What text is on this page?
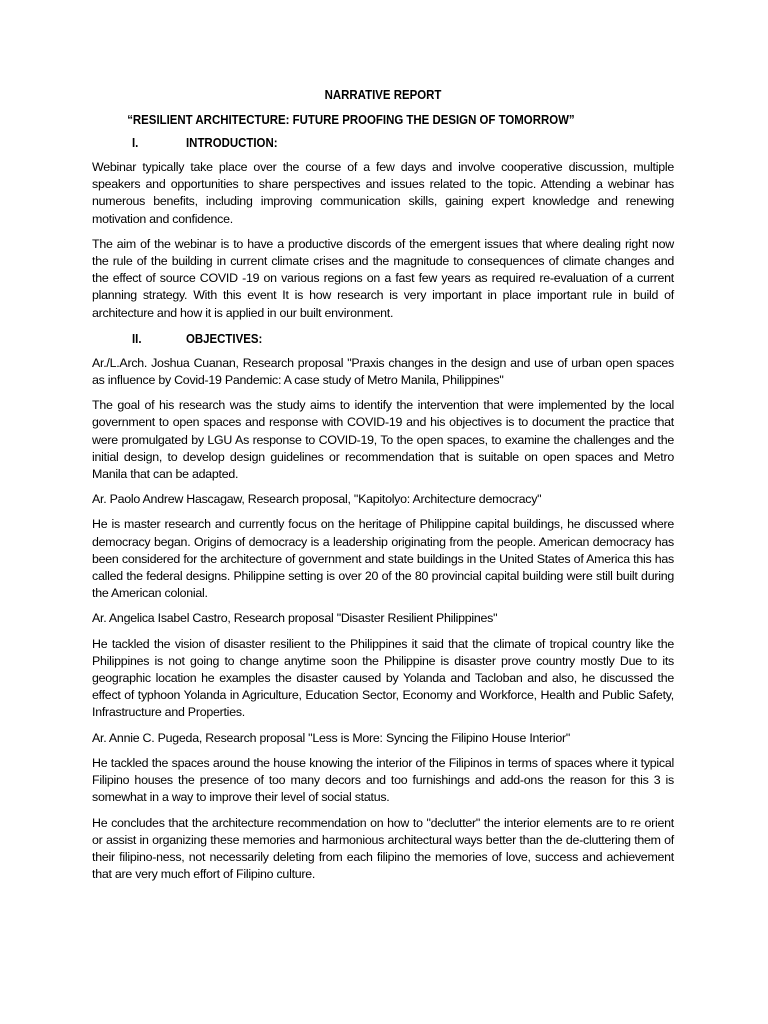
NARRATIVE REPORT
“RESILIENT ARCHITECTURE: FUTURE PROOFING THE DESIGN OF TOMORROW”
I.	INTRODUCTION:

Webinar typically take place over the course of a few days and involve cooperative discussion, multiple speakers and opportunities to share perspectives and issues related to the topic. Attending a webinar has numerous benefits, including improving communication skills, gaining expert knowledge and renewing motivation and confidence.

The aim of the webinar is to have a productive discords of the emergent issues that where dealing right now the rule of the building in current climate crises and the magnitude to consequences of climate changes and the effect of source COVID -19 on various regions on a fast few years as required re-evaluation of a current planning strategy. With this event It is how research is very important in place important rule in build of architecture and how it is applied in our built environment.

II.	OBJECTIVES:

Ar./L.Arch. Joshua Cuanan, Research proposal "Praxis changes in the design and use of urban open spaces as influence by Covid-19 Pandemic: A case study of Metro Manila, Philippines"

The goal of his research was the study aims to identify the intervention that were implemented by the local government to open spaces and response with COVID-19 and his objectives is to document the practice that were promulgated by LGU As response to COVID-19, To the open spaces, to examine the challenges and the initial design, to develop design guidelines or recommendation that is suitable on open spaces and Metro Manila that can be adapted.

Ar. Paolo Andrew Hascagaw, Research proposal, "Kapitolyo: Architecture democracy"

He is master research and currently focus on the heritage of Philippine capital buildings, he discussed where democracy began. Origins of democracy is a leadership originating from the people. American democracy has been considered for the architecture of government and state buildings in the United States of America this has called the federal designs. Philippine setting is over 20 of the 80 provincial capital building were still built during the American colonial.

Ar. Angelica Isabel Castro, Research proposal "Disaster Resilient Philippines"

He tackled the vision of disaster resilient to the Philippines it said that the climate of tropical country like the Philippines is not going to change anytime soon the Philippine is disaster prove country mostly Due to its geographic location he examples the disaster caused by Yolanda and Tacloban and also, he discussed the effect of typhoon Yolanda in Agriculture, Education Sector, Economy and Workforce, Health and Public Safety, Infrastructure and Properties.

Ar. Annie C. Pugeda, Research proposal "Less is More: Syncing the Filipino House Interior"

He tackled the spaces around the house knowing the interior of the Filipinos in terms of spaces where it typical Filipino houses the presence of too many decors and too furnishings and add-ons the reason for this 3 is somewhat in a way to improve their level of social status.

He concludes that the architecture recommendation on how to "declutter" the interior elements are to re orient or assist in organizing these memories and harmonious architectural ways better than the de-cluttering them of their filipino-ness, not necessarily deleting from each filipino the memories of love, success and achievement that are very much effort of Filipino culture.
